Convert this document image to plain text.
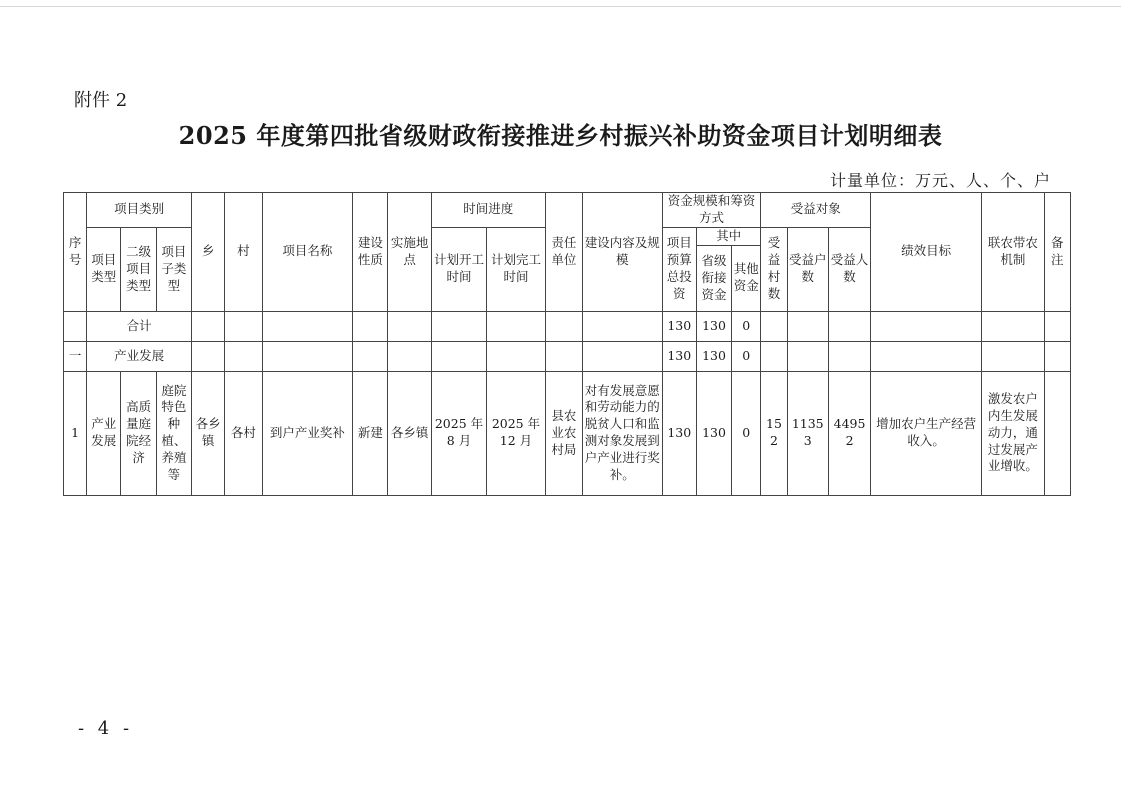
附件 2
2025 年度第四批省级财政衔接推进乡村振兴补助资金项目计划明细表
计量单位：万元、人、个、户
序号	项目类别			乡	村	项目名称	建设性质	实施地点	时间进度		责任单位	建设内容及规模	资金规模和筹资方式			受益对象			绩效目标	联农带农机制	备注
	项目类型	二级项目类型	项目子类型						计划开工时间	计划完工时间			项目预算总投资	其中		受益村数	受益户数	受益人数			
														省级衔接资金	其他资金						
	合计												130	130	0						
一	产业发展												130	130	0						
1	产业发展	高质量庭院经济	庭院特色种植、养殖等	各乡镇	各村	到户产业奖补	新建	各乡镇	2025 年 8 月	2025 年 12 月	县农业农村局	对有发展意愿和劳动能力的脱贫人口和监测对象发展到户产业进行奖补。	130	130	0	152	11353	44952	增加农户生产经营收入。	激发农户内生发展动力，通过发展产业增收。	
- 4 -
